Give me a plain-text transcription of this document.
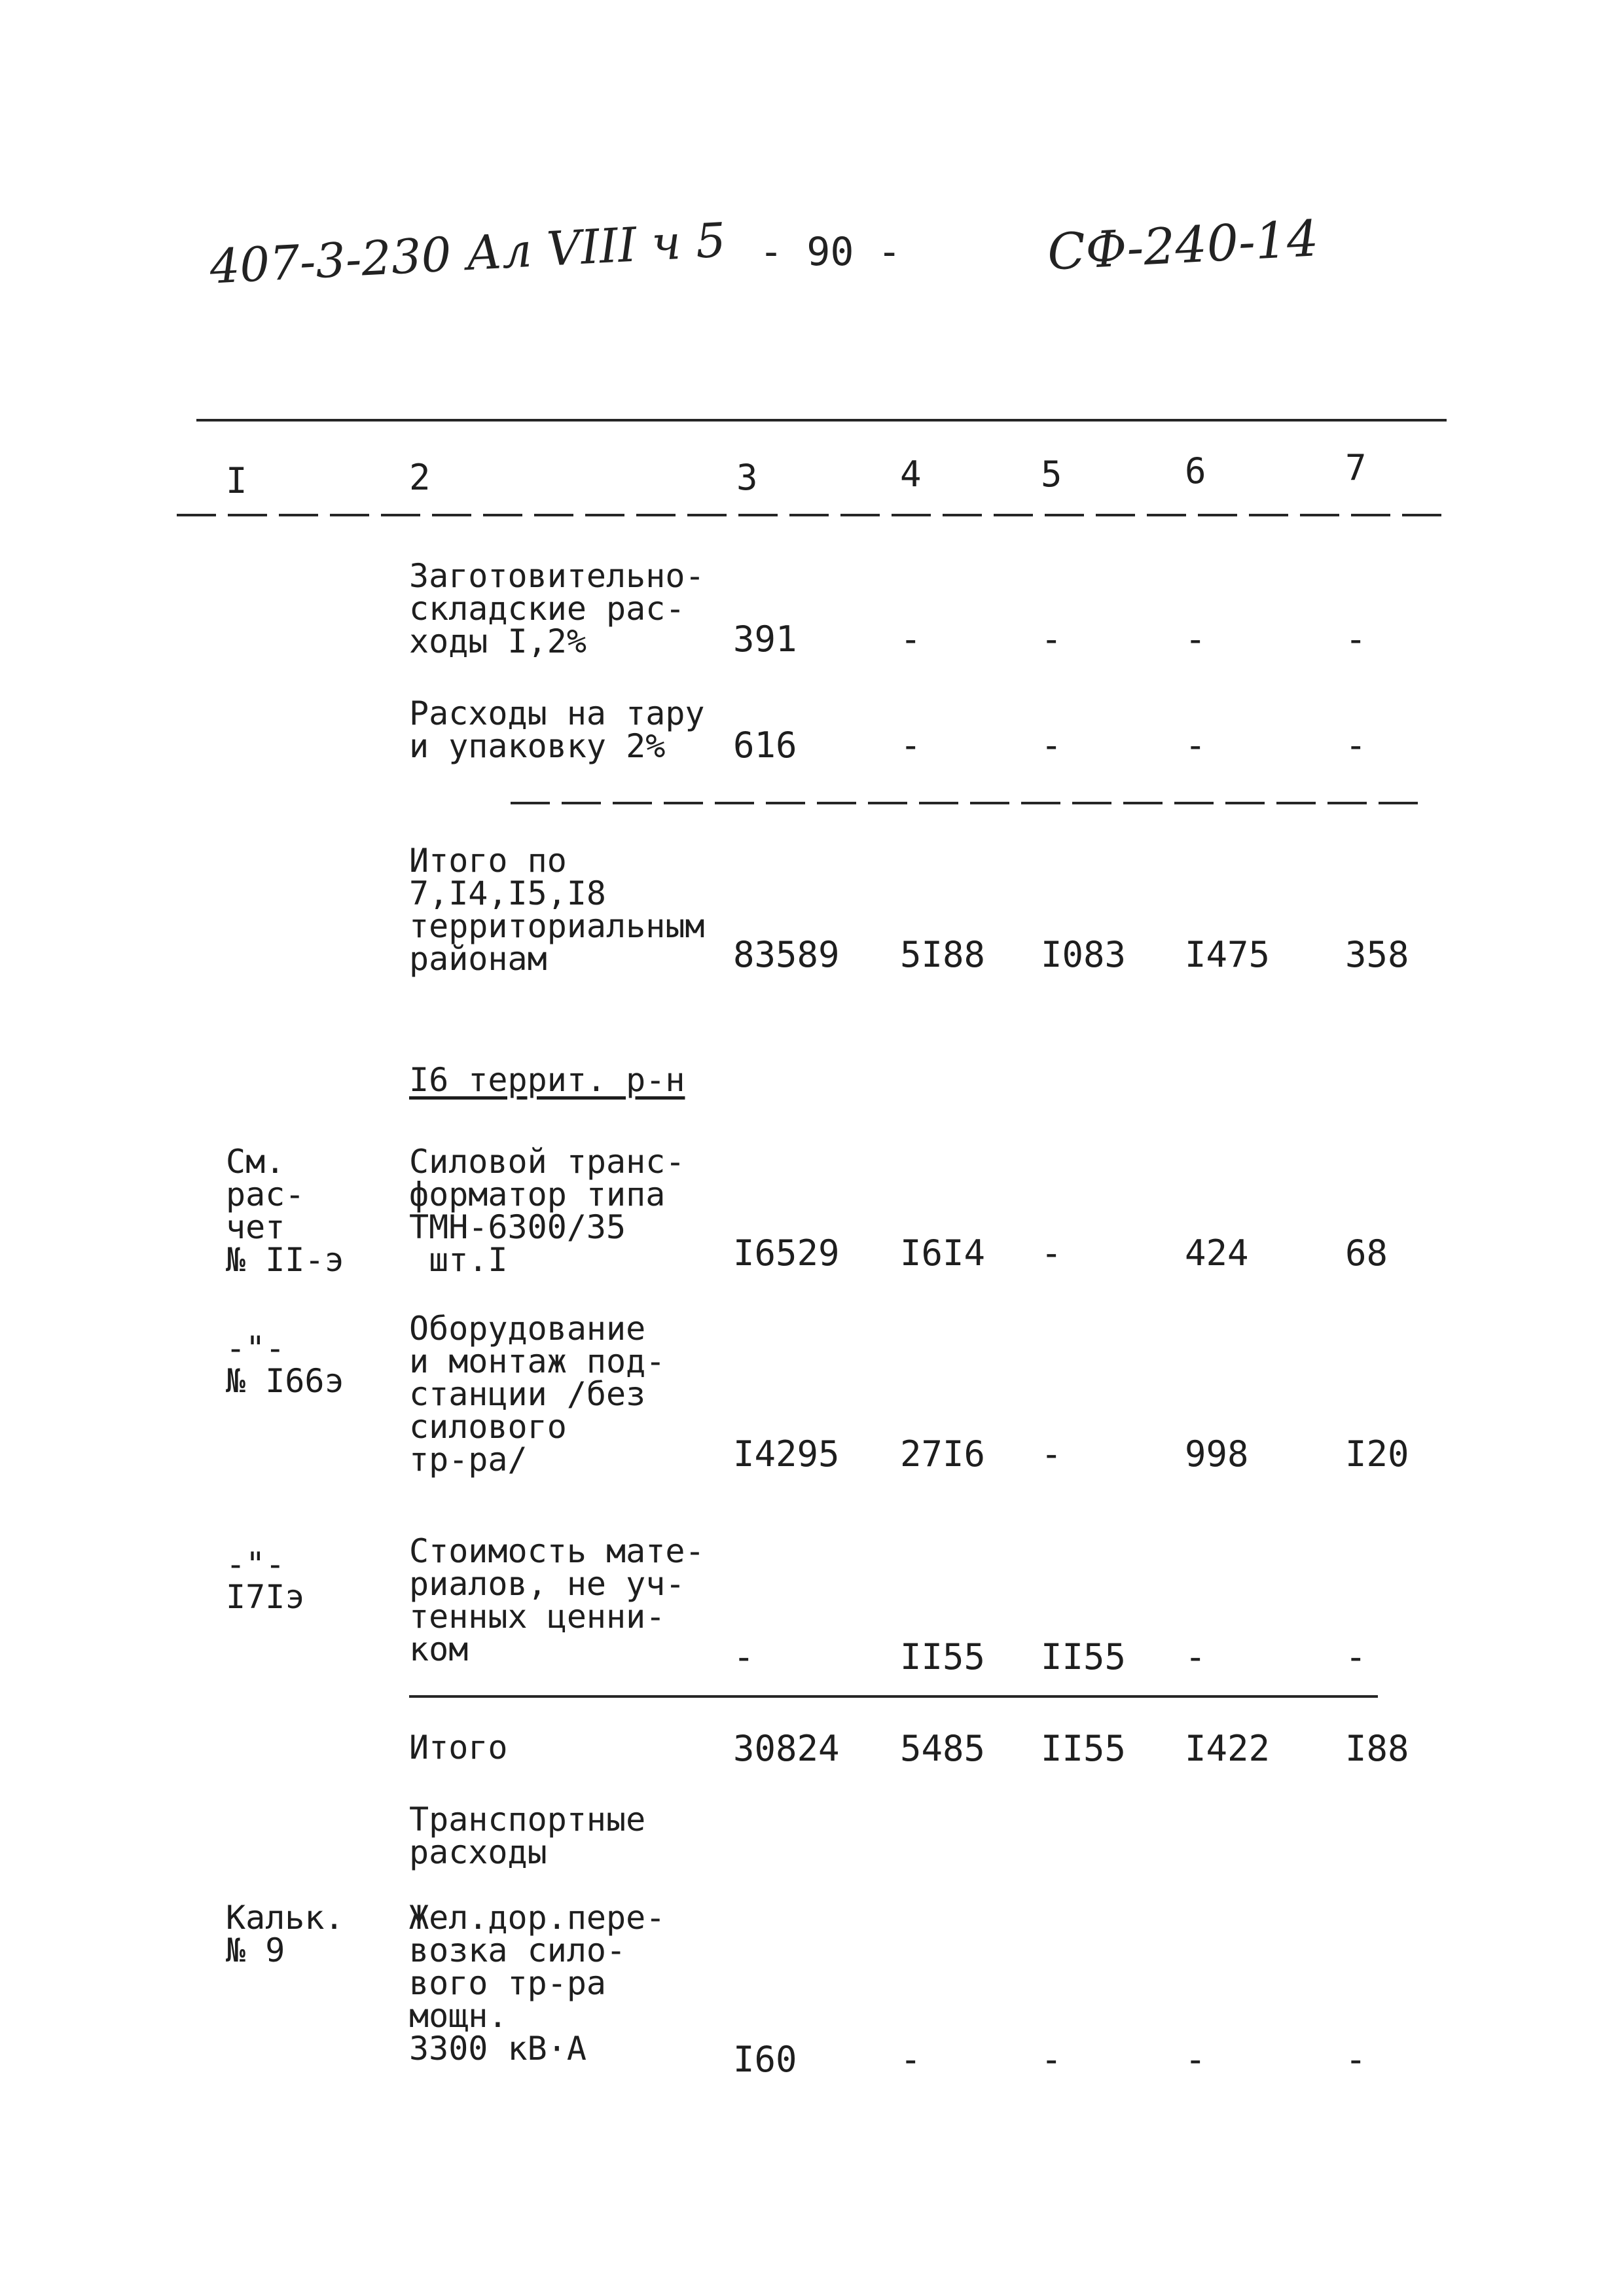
407-3-230 Ал VIII ч 5 - 90 -	СФ-240-14
I	2	3	4	5	6	7
Заготовительно-
складские рас-
ходы I,2%	391	-	-	-	-
Расходы на тару
и упаковку 2%	616	-	-	-	-
Итого по
7,I4,I5,I8
территориальным
районам	83589 5I88 I083 I475 358
I6 террит. р-н
См.
рас-
чет
№ II-э
Силовой транс-
форматор типа
ТМН-6300/35
шт.I	I6529 I6I4 -	424	68
-"-
№ I66э
Оборудование
и монтаж под-
станции /без
силового
тр-ра/	I4295 27I6 -	998	I20
-"-
I7Iэ
Стоимость мате-
риалов, не уч-
тенных ценни-
ком	-	II55 II55 -	-
Итого	30824 5485 II55 I422 I88
Транспортные
расходы
Кальк.
№ 9
Жел.дор.пере-
возка сило-
вого тр-ра
мощн.
3300 кВ·А	I60	-	-	-	-
